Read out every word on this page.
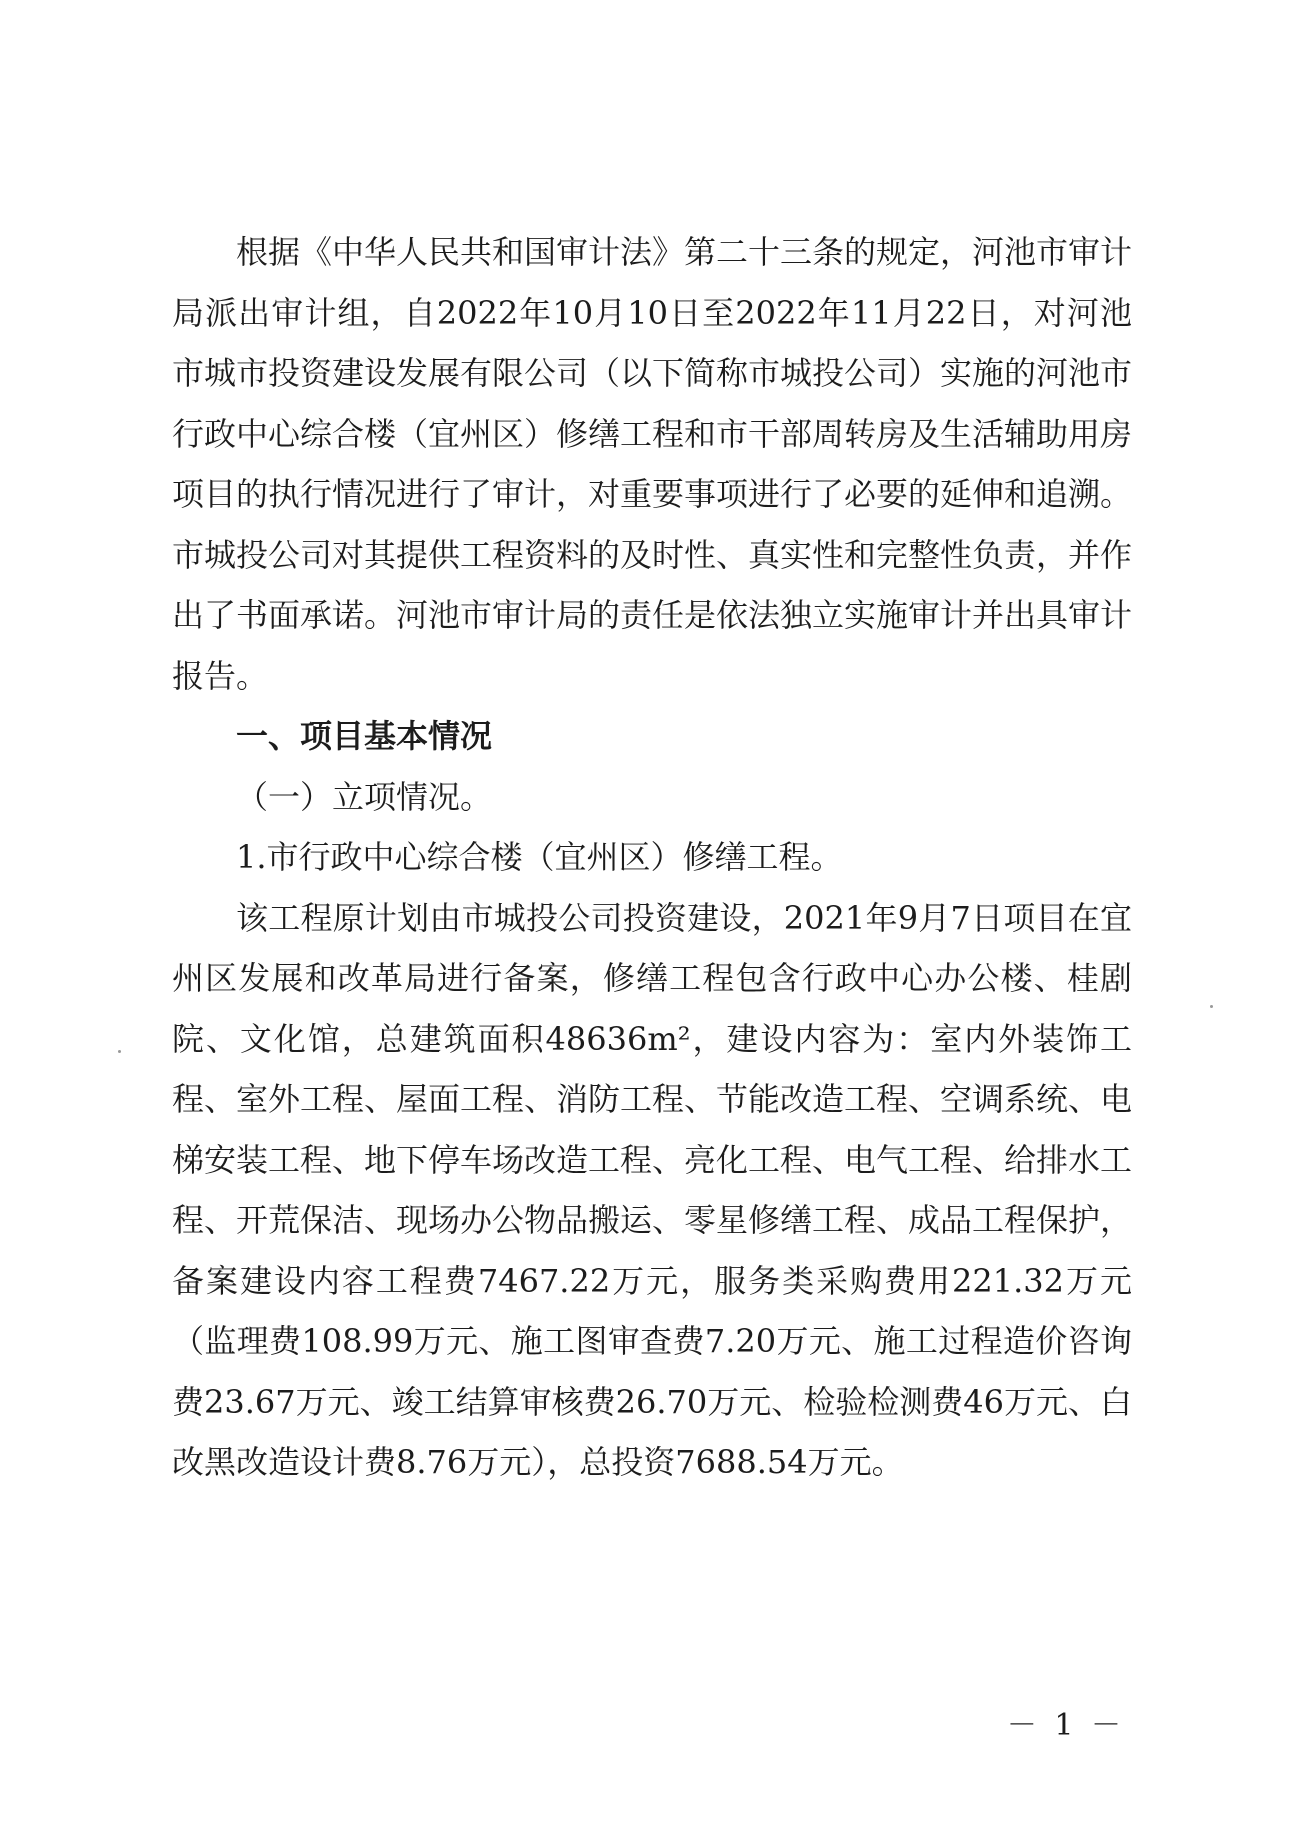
根据《中华人民共和国审计法》第二十三条的规定，河池市审计局派出审计组，自2022年10月10日至2022年11月22日，对河池市城市投资建设发展有限公司（以下简称市城投公司）实施的河池市行政中心综合楼（宜州区）修缮工程和市干部周转房及生活辅助用房项目的执行情况进行了审计，对重要事项进行了必要的延伸和追溯。市城投公司对其提供工程资料的及时性、真实性和完整性负责，并作出了书面承诺。河池市审计局的责任是依法独立实施审计并出具审计报告。

一、项目基本情况

（一）立项情况。

1.市行政中心综合楼（宜州区）修缮工程。

该工程原计划由市城投公司投资建设，2021年9月7日项目在宜州区发展和改革局进行备案，修缮工程包含行政中心办公楼、桂剧院、文化馆，总建筑面积48636m²，建设内容为：室内外装饰工程、室外工程、屋面工程、消防工程、节能改造工程、空调系统、电梯安装工程、地下停车场改造工程、亮化工程、电气工程、给排水工程、开荒保洁、现场办公物品搬运、零星修缮工程、成品工程保护，备案建设内容工程费7467.22万元，服务类采购费用221.32万元（监理费108.99万元、施工图审查费7.20万元、施工过程造价咨询费23.67万元、竣工结算审核费26.70万元、检验检测费46万元、白改黑改造设计费8.76万元），总投资7688.54万元。

－ 1 －
